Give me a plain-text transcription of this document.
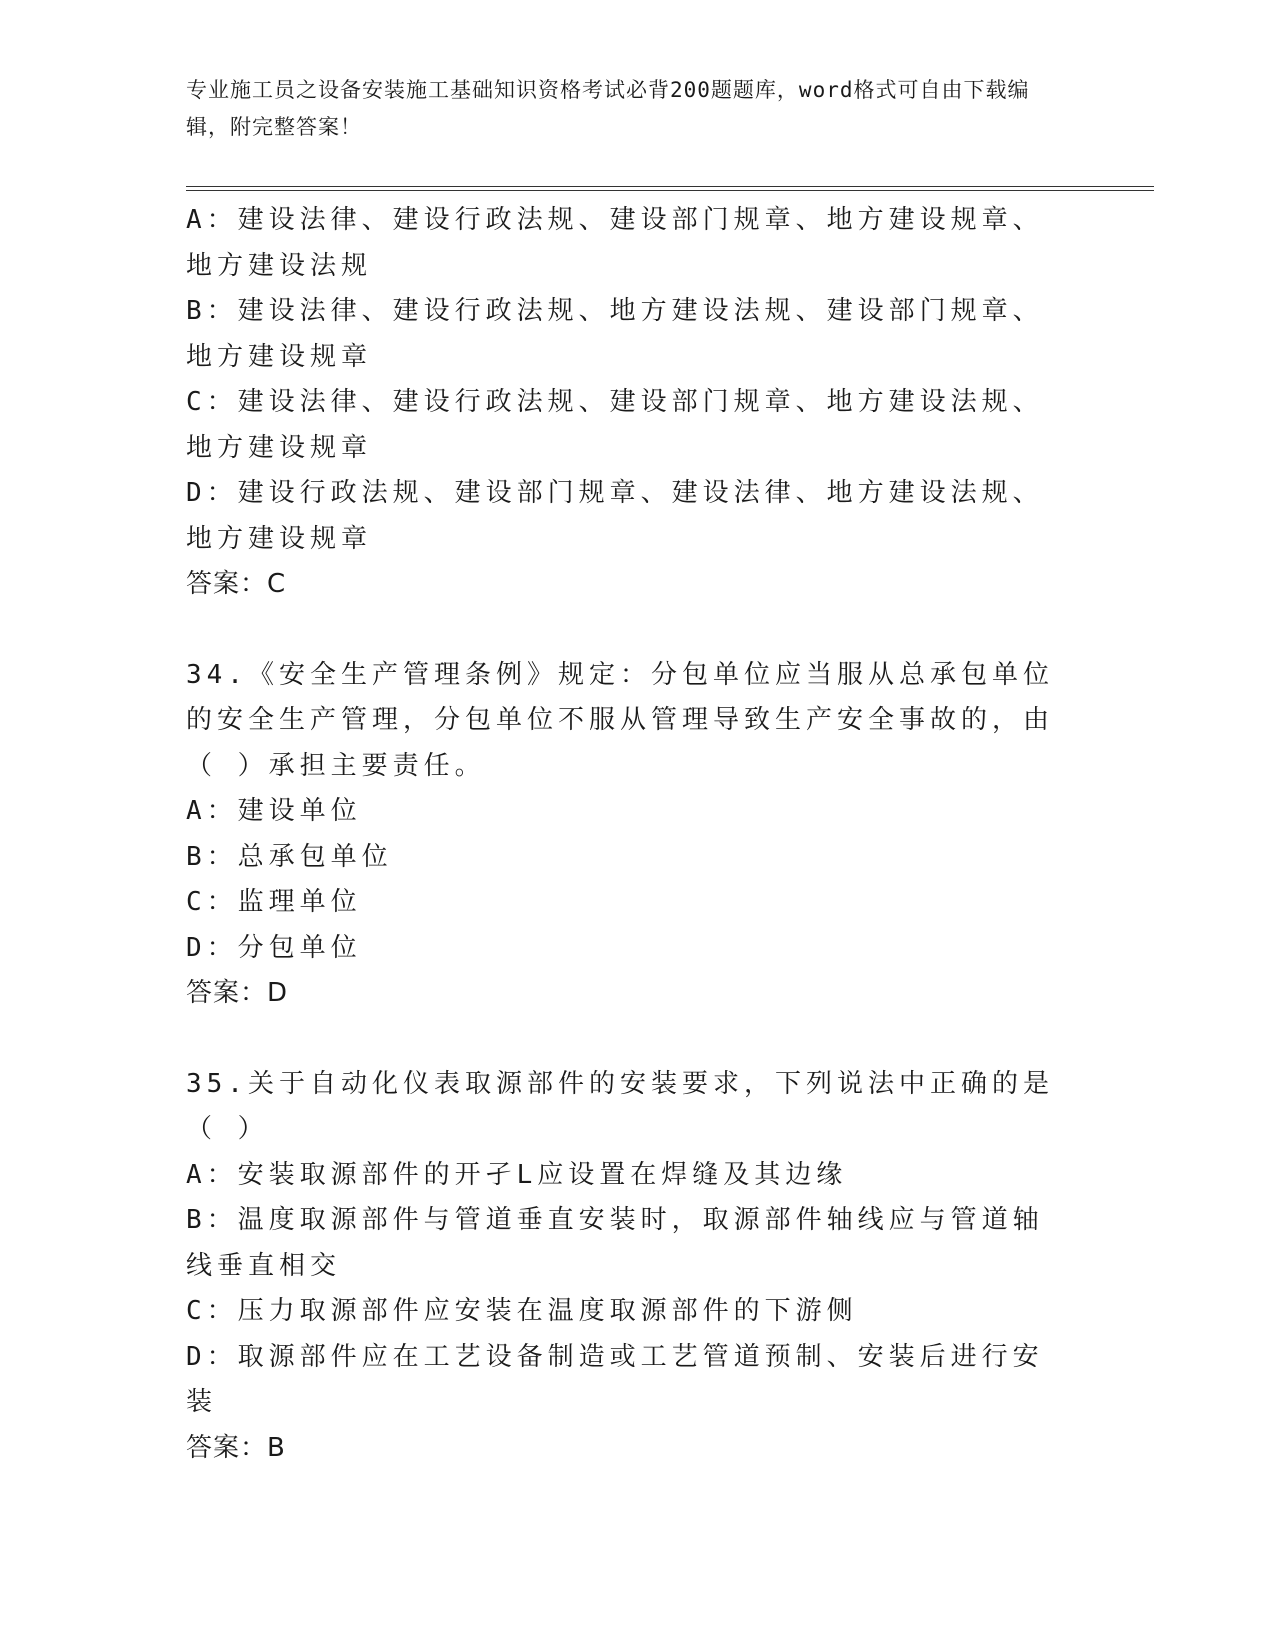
专业施工员之设备安装施工基础知识资格考试必背200题题库，word格式可自由下载编辑，附完整答案！

A：建设法律、建设行政法规、建设部门规章、地方建设规章、地方建设法规

B：建设法律、建设行政法规、地方建设法规、建设部门规章、地方建设规章

C：建设法律、建设行政法规、建设部门规章、地方建设法规、地方建设规章

D：建设行政法规、建设部门规章、建设法律、地方建设法规、地方建设规章

答案：C

34.《安全生产管理条例》规定：分包单位应当服从总承包单位的安全生产管理，分包单位不服从管理导致生产安全事故的，由（ ）承担主要责任。

A：建设单位

B：总承包单位

C：监理单位

D：分包单位

答案：D

35.关于自动化仪表取源部件的安装要求，下列说法中正确的是（ ）

A：安装取源部件的开孑L应设置在焊缝及其边缘

B：温度取源部件与管道垂直安装时，取源部件轴线应与管道轴线垂直相交

C：压力取源部件应安装在温度取源部件的下游侧

D：取源部件应在工艺设备制造或工艺管道预制、安装后进行安装

答案：B
